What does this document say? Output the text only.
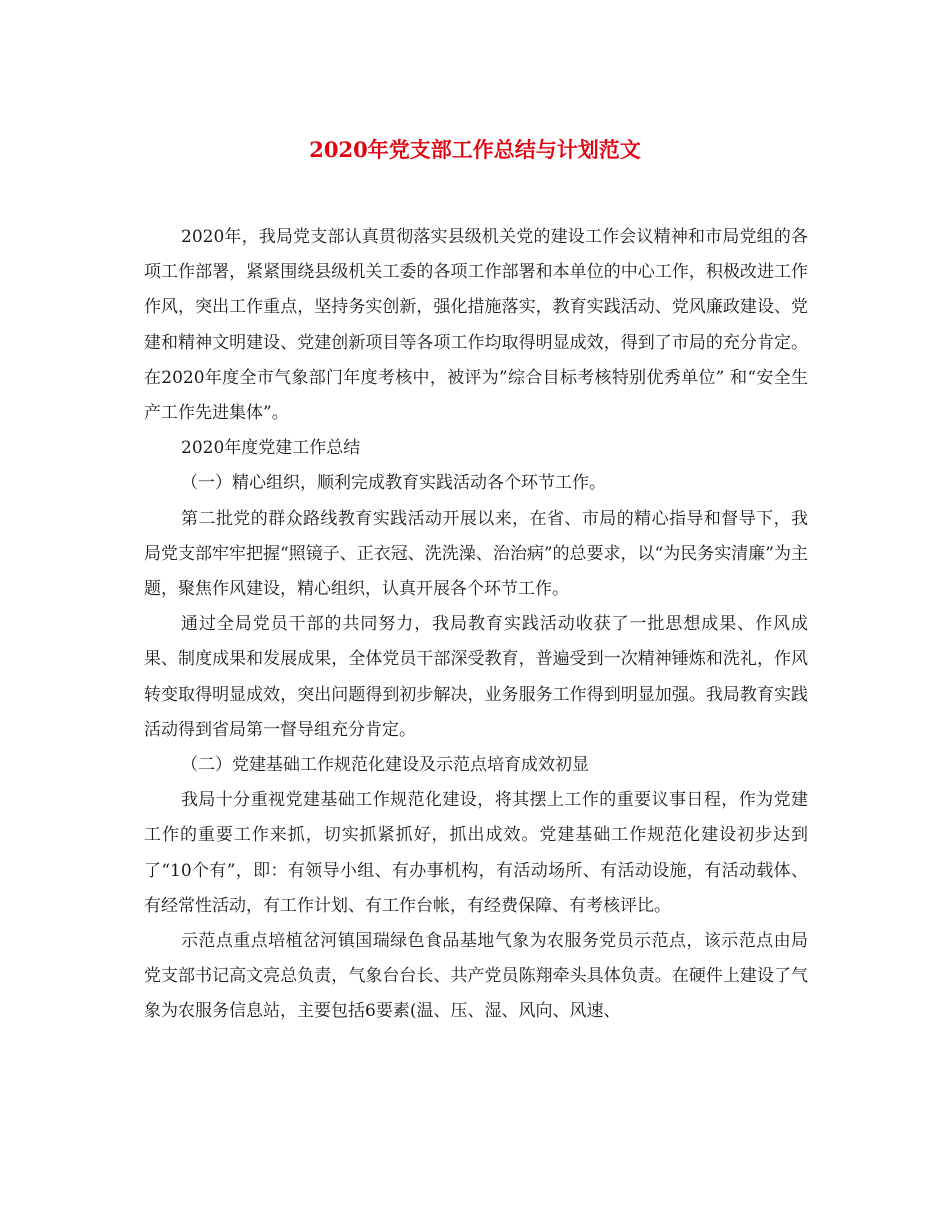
2020年党支部工作总结与计划范文

2020年，我局党支部认真贯彻落实县级机关党的建设工作会议精神和市局党组的各项工作部署，紧紧围绕县级机关工委的各项工作部署和本单位的中心工作，积极改进工作作风，突出工作重点，坚持务实创新，强化措施落实，教育实践活动、党风廉政建设、党建和精神文明建设、党建创新项目等各项工作均取得明显成效，得到了市局的充分肯定。在2020年度全市气象部门年度考核中，被评为”综合目标考核特别优秀单位” 和“安全生产工作先进集体”。

2020年度党建工作总结

（一）精心组织，顺利完成教育实践活动各个环节工作。

第二批党的群众路线教育实践活动开展以来，在省、市局的精心指导和督导下，我局党支部牢牢把握“照镜子、正衣冠、洗洗澡、治治病”的总要求，以“为民务实清廉”为主题，聚焦作风建设，精心组织，认真开展各个环节工作。

通过全局党员干部的共同努力，我局教育实践活动收获了一批思想成果、作风成果、制度成果和发展成果，全体党员干部深受教育，普遍受到一次精神锤炼和洗礼，作风转变取得明显成效，突出问题得到初步解决，业务服务工作得到明显加强。我局教育实践活动得到省局第一督导组充分肯定。

（二）党建基础工作规范化建设及示范点培育成效初显

我局十分重视党建基础工作规范化建设，将其摆上工作的重要议事日程，作为党建工作的重要工作来抓，切实抓紧抓好，抓出成效。党建基础工作规范化建设初步达到了“10个有”，即：有领导小组、有办事机构，有活动场所、有活动设施，有活动载体、有经常性活动，有工作计划、有工作台帐，有经费保障、有考核评比。

示范点重点培植岔河镇国瑞绿色食品基地气象为农服务党员示范点，该示范点由局党支部书记高文亮总负责，气象台台长、共产党员陈翔牵头具体负责。在硬件上建设了气象为农服务信息站，主要包括6要素(温、压、湿、风向、风速、
